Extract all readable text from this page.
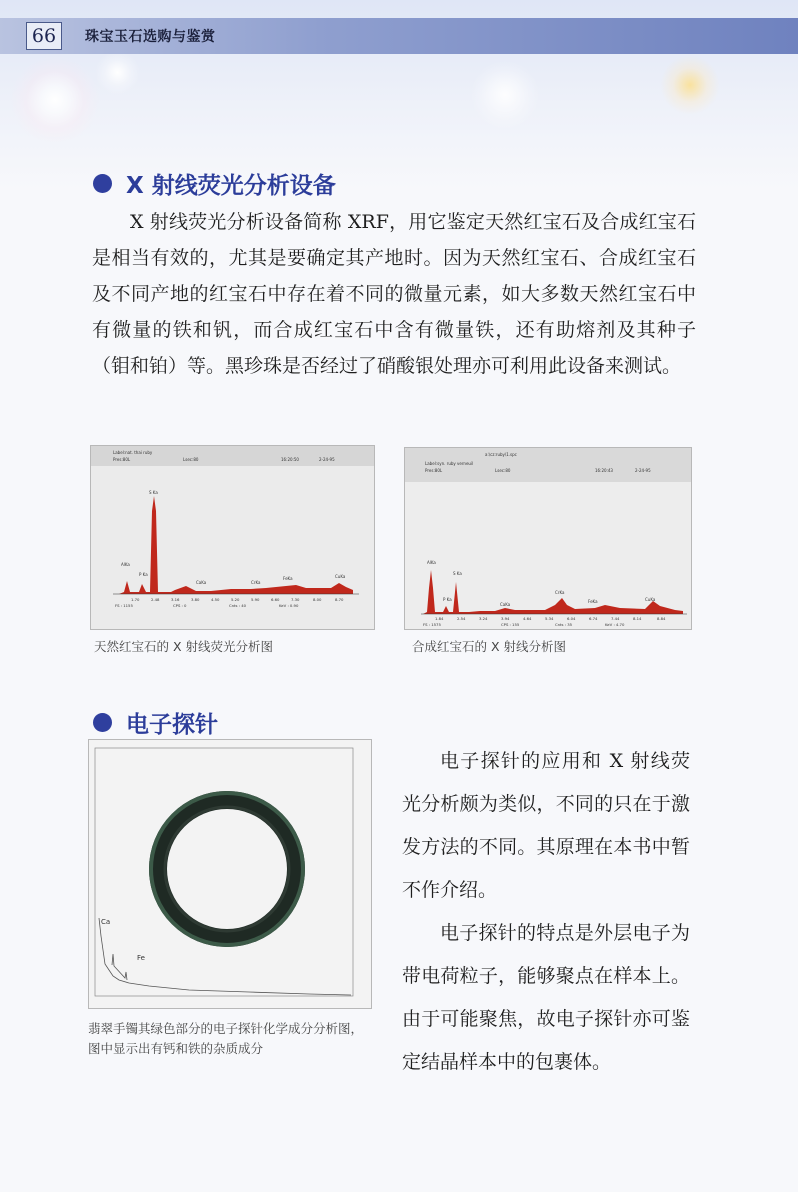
66	珠宝玉石选购与鉴赏
X 射线荧光分析设备

X 射线荧光分析设备简称 XRF，用它鉴定天然红宝石及合成红宝石是相当有效的，尤其是要确定其产地时。因为天然红宝石、合成红宝石及不同产地的红宝石中存在着不同的微量元素，如大多数天然红宝石中有微量的铁和钒，而合成红宝石中含有微量铁，还有助熔剂及其种子（钼和铂）等。黑珍珠是否经过了硝酸银处理亦可利用此设备来测试。

Label:nat. thai ruby
Pres:80L	Lsec:80	16:20:50	2-24-95
S Ka
AlKa
P Ka
CaKa	CrKa
FeKa	CuKa
1.70	2.48	3.16	3.80	4.50	5.20	5.90	6.60	7.30	8.00	8.70
FS : 1155	CPS : 0	Cnts : 40	KeV : 0.90
天然红宝石的 X 射线荧光分析图
a:\cz:ruby\1.spc
Label:syn. ruby verneuil
Pres:80L	Lsec:80	16:20:43	2-24-95
AlKa
S Ka
P Ka
CaKa
CrKa
FeKa	CuKa
1.84	2.54	3.24	3.94	4.64	5.34	6.04	6.74	7.44	8.14	8.84
FS : 1575	CPS : 155	Cnts : 35	KeV : 4.70
合成红宝石的 X 射线分析图
电子探针
Ca
Fe
翡翠手镯其绿色部分的电子探针化学成分分析图，图中显示出有钙和铁的杂质成分

电子探针的应用和 X 射线荧光分析颇为类似，不同的只在于激发方法的不同。其原理在本书中暂不作介绍。

电子探针的特点是外层电子为带电荷粒子，能够聚点在样本上。由于可能聚焦，故电子探针亦可鉴定结晶样本中的包裹体。
